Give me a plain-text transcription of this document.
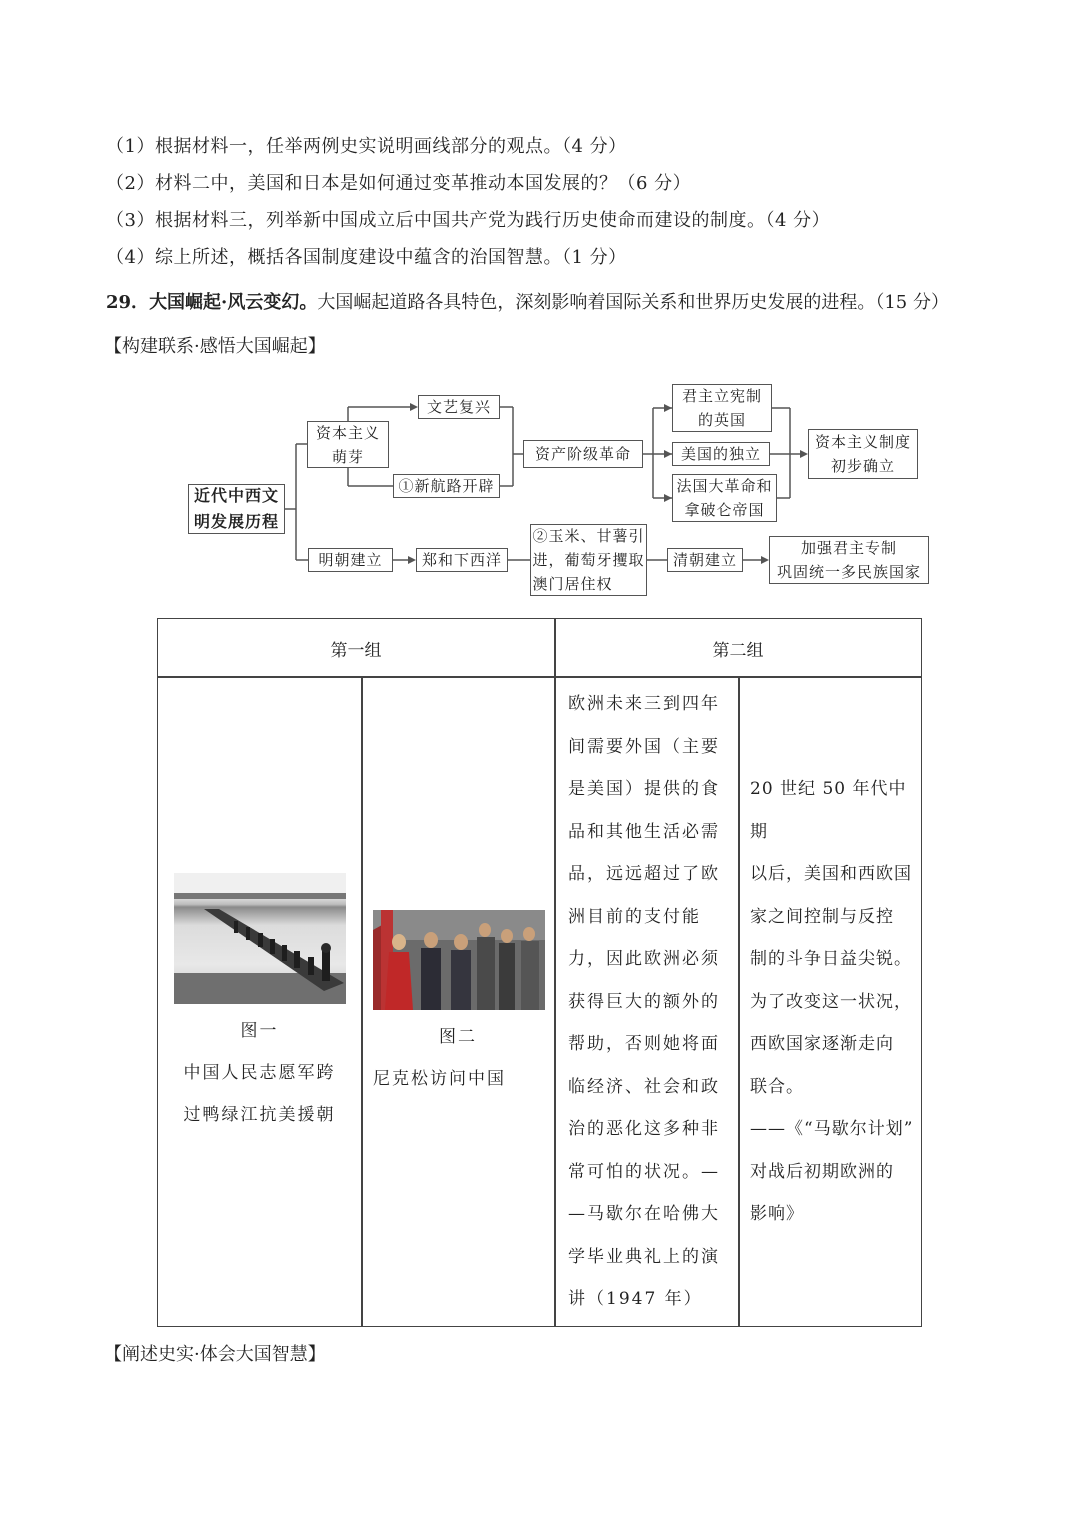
（1）根据材料一，任举两例史实说明画线部分的观点。（4 分）
（2）材料二中，美国和日本是如何通过变革推动本国发展的？（6 分）
（3）根据材料三，列举新中国成立后中国共产党为践行历史使命而建设的制度。（4 分）
（4）综上所述，概括各国制度建设中蕴含的治国智慧。（1 分）
29．大国崛起·风云变幻。大国崛起道路各具特色，深刻影响着国际关系和世界历史发展的进程。（15 分）
【构建联系·感悟大国崛起】
近代中西文
明发展历程
资本主义
萌芽
文艺复兴
①新航路开辟
资产阶级革命
君主立宪制
的英国
美国的独立
法国大革命和
拿破仑帝国
资本主义制度
初步确立
明朝建立	郑和下西洋
②玉米、甘薯引
进，葡萄牙攫取
澳门居住权
清朝建立
加强君主专制
巩固统一多民族国家
第一组	第二组
图一
中国人民志愿军跨
过鸭绿江抗美援朝
图二
尼克松访问中国
欧洲未来三到四年
间需要外国（主要
是美国）提供的食
品和其他生活必需
品，远远超过了欧
洲目前的支付能
力，因此欧洲必须
获得巨大的额外的
帮助，否则她将面
临经济、社会和政
治的恶化这多种非
常可怕的状况。—
—马歇尔在哈佛大
学毕业典礼上的演
讲（1947 年）
20 世纪 50 年代中期
以后，美国和西欧国
家之间控制与反控
制的斗争日益尖锐。
为了改变这一状况，
西欧国家逐渐走向
联合。
——《“马歇尔计划”
对战后初期欧洲的
影响》
【阐述史实·体会大国智慧】
